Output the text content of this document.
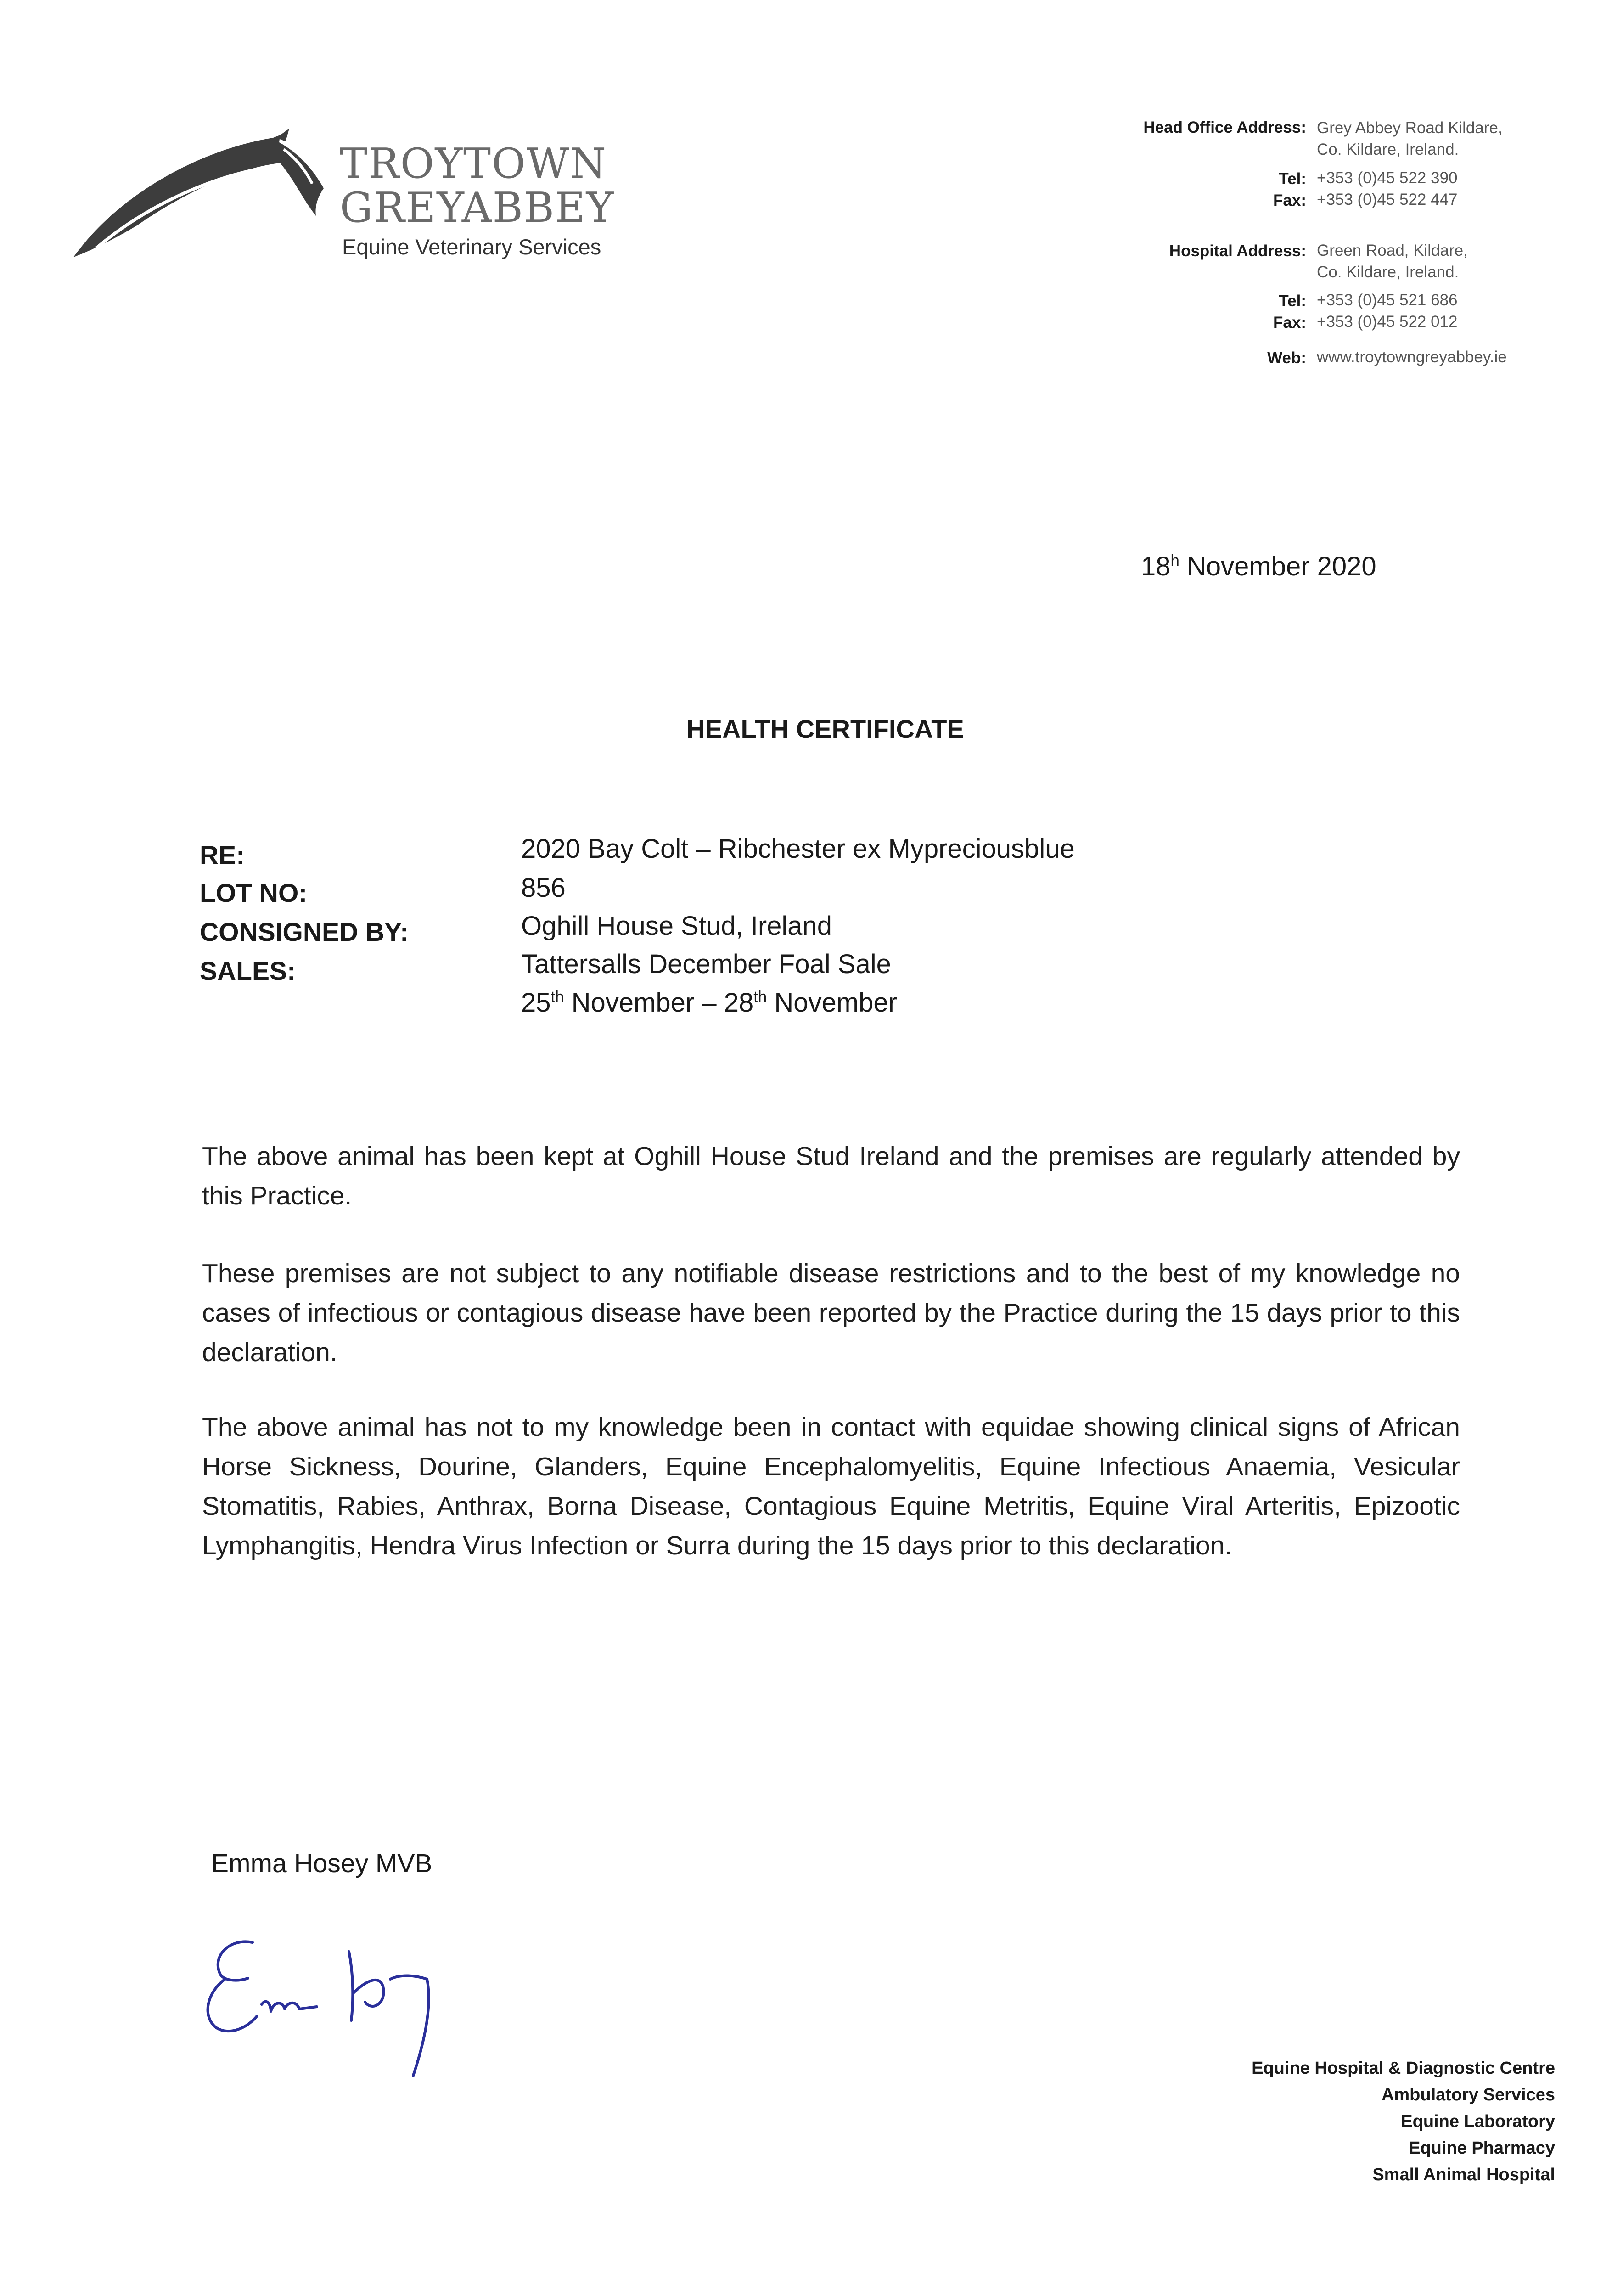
TROYTOWN
GREYABBEY
Equine Veterinary Services
Head Office Address: Grey Abbey Road Kildare,
Co. Kildare, Ireland.
Tel: +353 (0)45 522 390
Fax: +353 (0)45 522 447
Hospital Address: Green Road, Kildare,
Co. Kildare, Ireland.
Tel: +353 (0)45 521 686
Fax: +353 (0)45 522 012
Web: www.troytowngreyabbey.ie
18$^h$ November 2020
HEALTH CERTIFICATE
RE:	2020 Bay Colt – Ribchester ex Mypreciousblue
LOT NO:	856
CONSIGNED BY:	Oghill House Stud, Ireland
SALES:	Tattersalls December Foal Sale
25th November – 28th November
The above animal has been kept at Oghill House Stud Ireland and the premises are regularly attended by this Practice.
These premises are not subject to any notifiable disease restrictions and to the best of my knowledge no cases of infectious or contagious disease have been reported by the Practice during the 15 days prior to this declaration.
The above animal has not to my knowledge been in contact with equidae showing clinical signs of African Horse Sickness, Dourine, Glanders, Equine Encephalomyelitis, Equine Infectious Anaemia, Vesicular Stomatitis, Rabies, Anthrax, Borna Disease, Contagious Equine Metritis, Equine Viral Arteritis, Epizootic Lymphangitis, Hendra Virus Infection or Surra during the 15 days prior to this declaration.
Emma Hosey MVB
Equine Hospital & Diagnostic Centre
Ambulatory Services
Equine Laboratory
Equine Pharmacy
Small Animal Hospital
